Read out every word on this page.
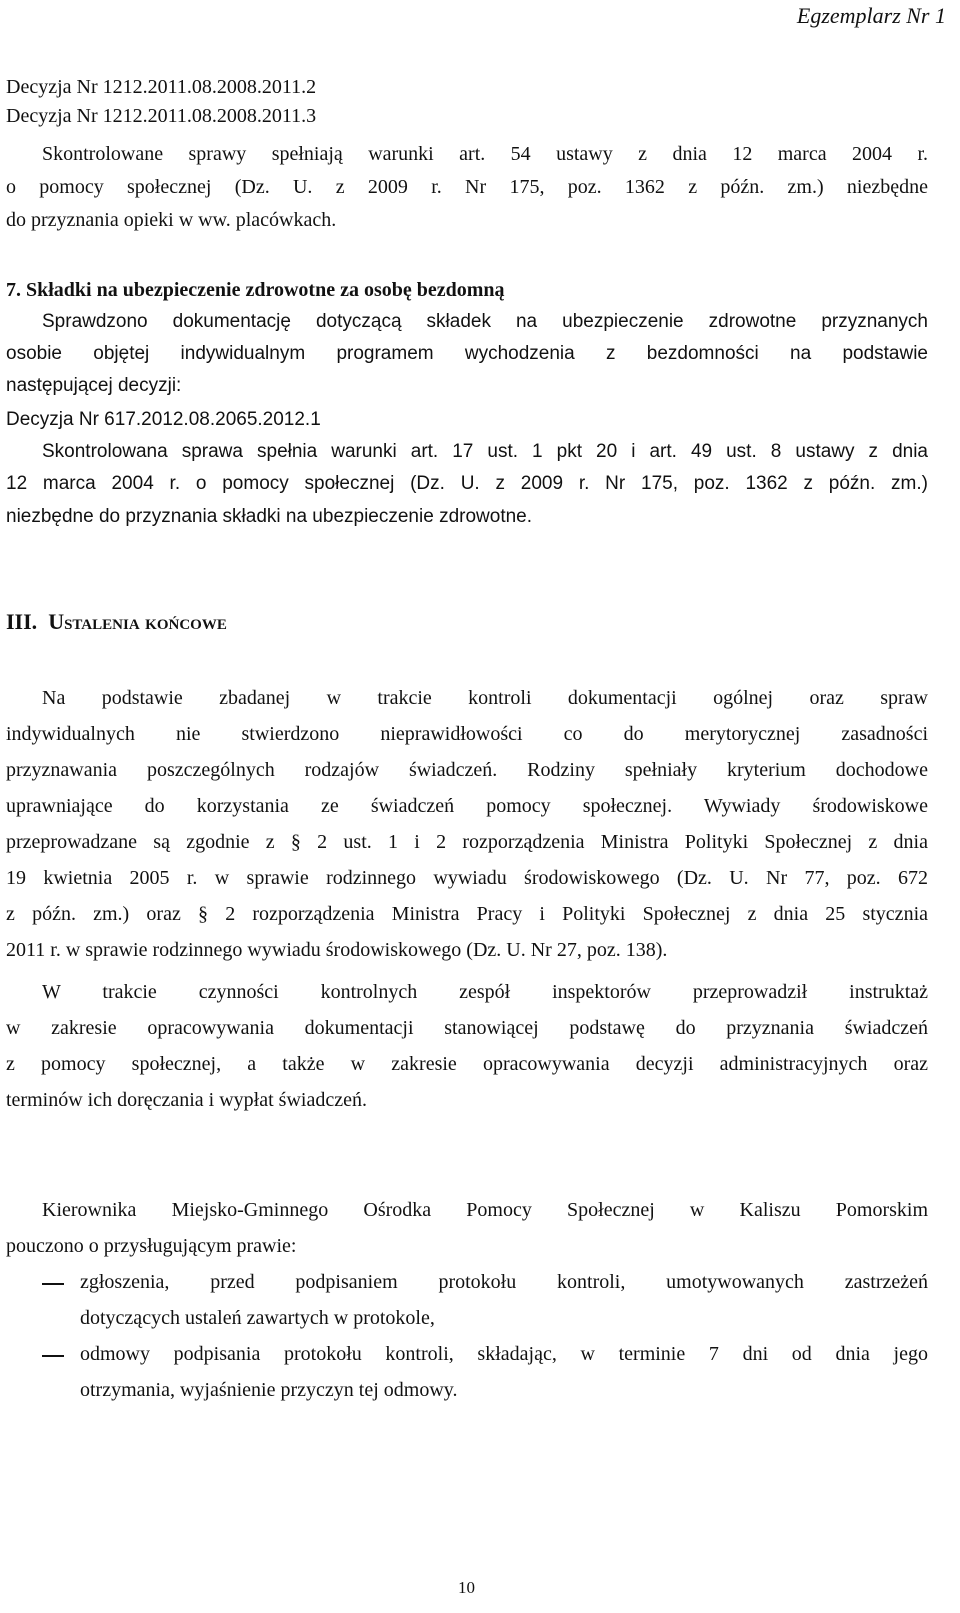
Egzemplarz Nr 1
Decyzja Nr 1212.2011.08.2008.2011.2
Decyzja Nr 1212.2011.08.2008.2011.3
Skontrolowane sprawy spełniają warunki art. 54 ustawy z dnia 12 marca 2004 r.
o pomocy społecznej (Dz. U. z 2009 r. Nr 175, poz. 1362 z późn. zm.) niezbędne
do przyznania opieki w ww. placówkach.
7. Składki na ubezpieczenie zdrowotne za osobę bezdomną
Sprawdzono dokumentację dotyczącą składek na ubezpieczenie zdrowotne przyznanych
osobie objętej indywidualnym programem wychodzenia z bezdomności na podstawie
następującej decyzji:
Decyzja Nr 617.2012.08.2065.2012.1
Skontrolowana sprawa spełnia warunki art. 17 ust. 1 pkt 20 i art. 49 ust. 8 ustawy z dnia
12 marca 2004 r. o pomocy społecznej (Dz. U. z 2009 r. Nr 175, poz. 1362 z późn. zm.)
niezbędne do przyznania składki na ubezpieczenie zdrowotne.
III. Ustalenia końcowe
Na podstawie zbadanej w trakcie kontroli dokumentacji ogólnej oraz spraw
indywidualnych nie stwierdzono nieprawidłowości co do merytorycznej zasadności
przyznawania poszczególnych rodzajów świadczeń. Rodziny spełniały kryterium dochodowe
uprawniające do korzystania ze świadczeń pomocy społecznej. Wywiady środowiskowe
przeprowadzane są zgodnie z § 2 ust. 1 i 2 rozporządzenia Ministra Polityki Społecznej z dnia
19 kwietnia 2005 r. w sprawie rodzinnego wywiadu środowiskowego (Dz. U. Nr 77, poz. 672
z późn. zm.) oraz § 2 rozporządzenia Ministra Pracy i Polityki Społecznej z dnia 25 stycznia
2011 r. w sprawie rodzinnego wywiadu środowiskowego (Dz. U. Nr 27, poz. 138).
W trakcie czynności kontrolnych zespół inspektorów przeprowadził instruktaż
w zakresie opracowywania dokumentacji stanowiącej podstawę do przyznania świadczeń
z pomocy społecznej, a także w zakresie opracowywania decyzji administracyjnych oraz
terminów ich doręczania i wypłat świadczeń.
Kierownika Miejsko-Gminnego Ośrodka Pomocy Społecznej w Kaliszu Pomorskim
pouczono o przysługującym prawie:
zgłoszenia, przed podpisaniem protokołu kontroli, umotywowanych zastrzeżeń
dotyczących ustaleń zawartych w protokole,
odmowy podpisania protokołu kontroli, składając, w terminie 7 dni od dnia jego
otrzymania, wyjaśnienie przyczyn tej odmowy.
10
